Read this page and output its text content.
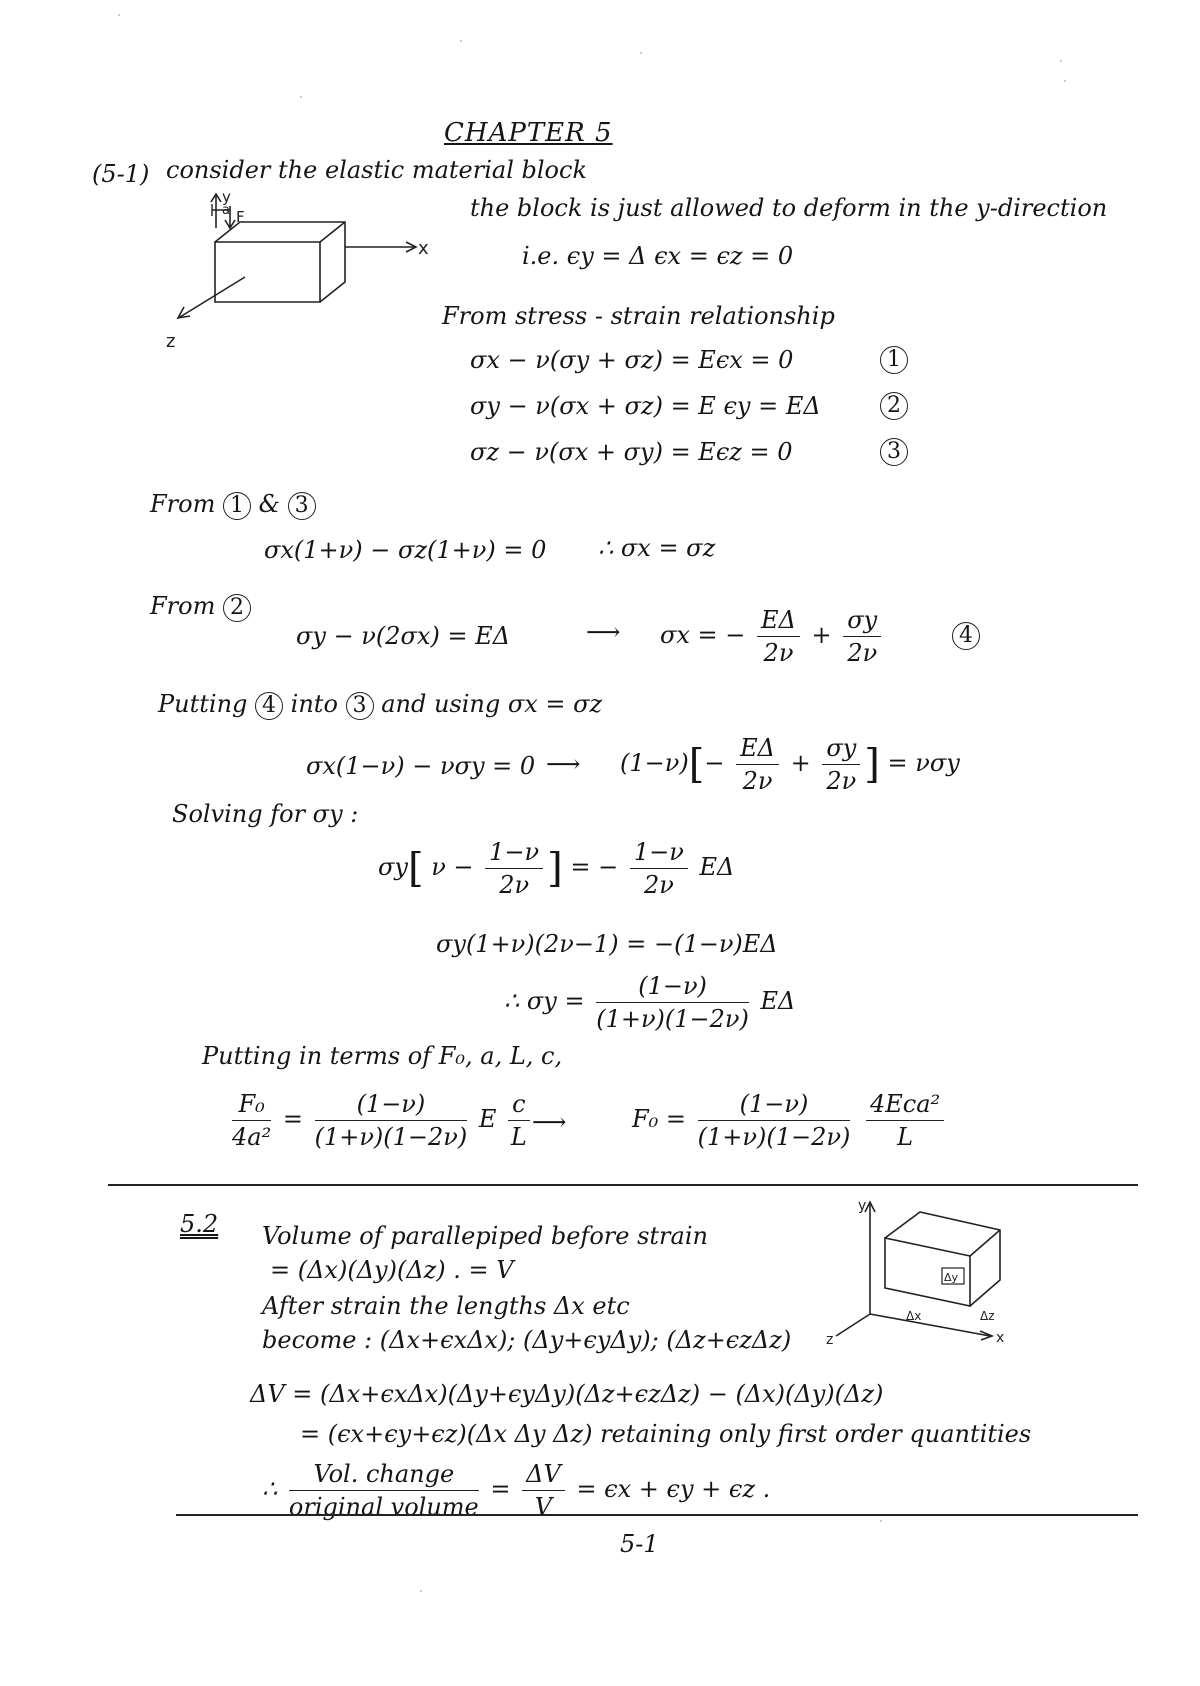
CHAPTER 5
(5-1) consider the elastic material block
a
y
F
x
z
the block is just allowed to deform in the y-direction
i.e. ϵy = Δ ϵx = ϵz = 0
From stress - strain relationship
σx − ν(σy + σz) = Eϵx = 0
σy − ν(σx + σz) = E ϵy = EΔ
σz − ν(σx + σy) = Eϵz = 0
1
2
3
From 1 & 3
σx(1+ν) − σz(1+ν) = 0 ∴ σx = σz
From 2
σy − ν(2σx) = EΔ	⟶ σx = − $\frac{E\Delta}{2\nu} + \frac{\sigma y}{2\nu}$	4
Putting 4 into 3 and using σx = σz
σx(1−ν) − νσy = 0 ⟶ $(1-\nu)[- \frac{E\Delta}{2\nu} + \frac{\sigma y}{2\nu}$ ] = νσy
Solving for σy :
σy[ $\nu - \frac{1-\nu}{2\nu}$ ] = − $\frac{1-\nu}{2\nu}$ EΔ
σy(1+ν)(2ν−1) = −(1−ν)EΔ
∴ $\sigma y = \frac{(1-\nu)}{(1+\nu)(1-2\nu)}$ EΔ
Putting in terms of F₀, a, L, c,
$\frac{\text{F₀}}{\text{4a²}} = \frac{(1-\nu)}{(1+\nu)(1-2\nu)}$ E $\frac{c}{L}$ ⟶	$F_0 = \frac{(1-\nu)}{(1+\nu)(1-2\nu)}$
$\frac{\text{4Eca²}}{L}$
5.2 Volume of parallepiped before strain
= (Δx)(Δy)(Δz) . = V
After strain the lengths Δx etc
become : (Δx+ϵxΔx); (Δy+ϵyΔy); (Δz+ϵzΔz)
ΔV = (Δx+ϵxΔx)(Δy+ϵyΔy)(Δz+ϵzΔz) − (Δx)(Δy)(Δz)
= (ϵx+ϵy+ϵz)(Δx Δy Δz) retaining only first order quantities
∴ $\frac{\text{Vol. change}}{\text{original volume}} = \frac{\Delta V}{V} = \epsilon x + \epsilon y + \epsilon z$ .
y
x
z
Δx
Δy
Δz
5-1
